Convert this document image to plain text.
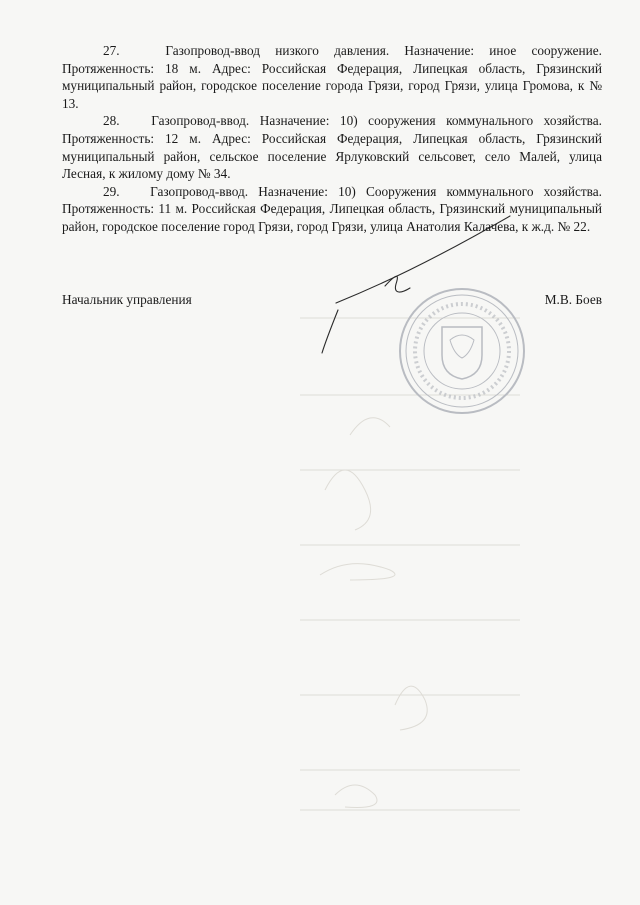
27.	Газопровод-ввод низкого давления. Назначение: иное сооружение. Протяженность: 18 м. Адрес: Российская Федерация, Липецкая область, Грязинский муниципальный район, городское поселение города Грязи, город Грязи, улица Громова, к № 13.

28. Газопровод-ввод. Назначение: 10) сооружения коммунального хозяйства. Протяженность: 12 м. Адрес: Российская Федерация, Липецкая область, Грязинский муниципальный район, сельское поселение Ярлуковский сельсовет, село Малей, улица Лесная, к жилому дому № 34.

29. Газопровод-ввод. Назначение: 10) Сооружения коммунального хозяйства. Протяженность: 11 м. Российская Федерация, Липецкая область, Грязинский муниципальный район, городское поселение город Грязи, город Грязи, улица Анатолия Калачева, к ж.д. № 22.

Начальник управления	М.В. Боев
